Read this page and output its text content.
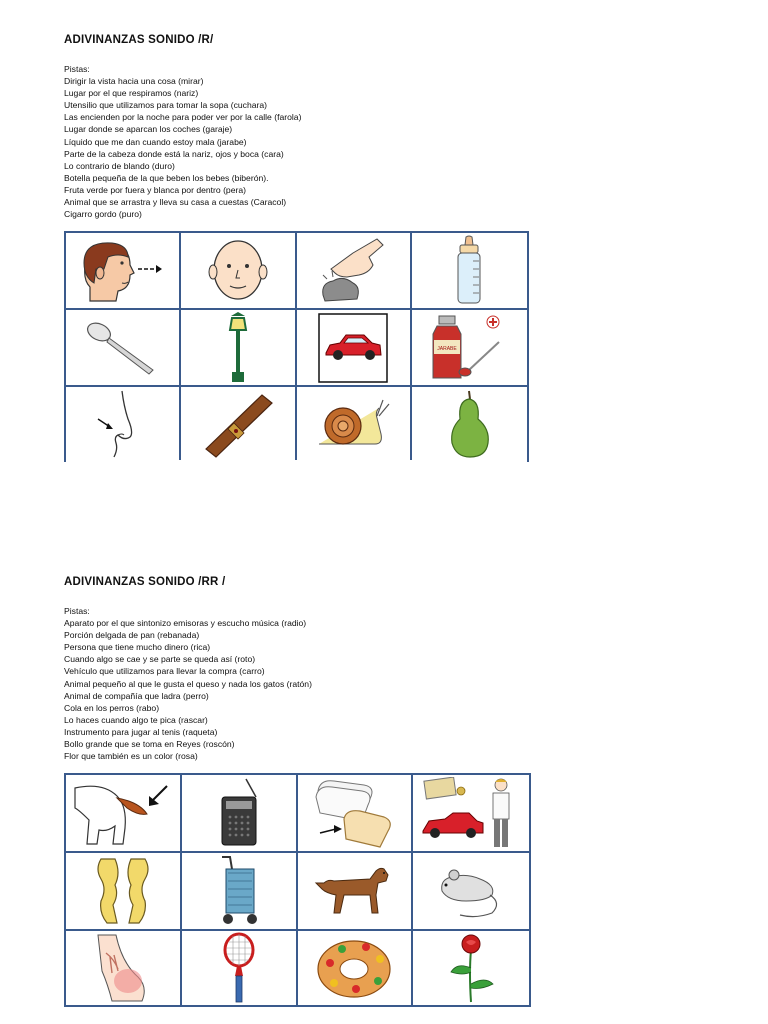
ADIVINANZAS SONIDO /R/
Pistas:
Dirigir la vista hacia una cosa (mirar)
Lugar por el que respiramos (nariz)
Utensilio que utilizamos para tomar la sopa (cuchara)
Las encienden por la noche para poder ver por la calle (farola)
Lugar donde se aparcan los coches (garaje)
Líquido que me dan cuando estoy mala (jarabe)
Parte de la cabeza donde está la nariz, ojos y boca (cara)
Lo contrario de blando (duro)
Botella pequeña de la que beben los bebes (biberón).
Fruta verde por fuera y blanca por dentro (pera)
Animal que se arrastra y lleva su casa a cuestas (Caracol)
Cigarro gordo (puro)
JARABE
ADIVINANZAS SONIDO /RR /
Pistas:
Aparato por el que sintonizo emisoras y escucho música (radio)
Porción delgada de pan (rebanada)
Persona que tiene mucho dinero (rica)
Cuando algo se cae y se parte se queda así (roto)
Vehículo que utilizamos para llevar la compra (carro)
Animal pequeño al que le gusta el queso y nada los gatos (ratón)
Animal de compañía que ladra (perro)
Cola en los perros (rabo)
Lo haces cuando algo te pica (rascar)
Instrumento para jugar al tenis (raqueta)
Bollo grande que se toma en Reyes (roscón)
Flor que también es un color (rosa)
